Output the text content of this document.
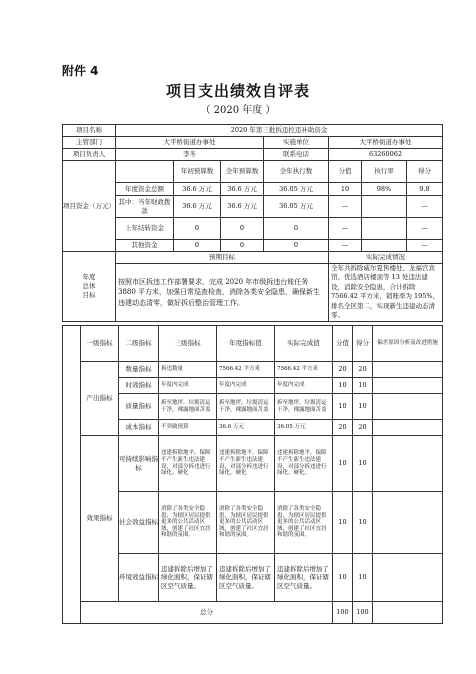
附件 4
项目支出绩效自评表
（ 2020 年度 ）
项目名称	2020 年第三批拆违控违补助资金						
主管部门	大平桥街道办事处			实施单位	大平桥街道办事处		
项目负责人	李冬			联系电话	63260062		
项目资金（万元）		年初预算数	全年预算数	全年执行数	分值	执行率	得分
	年度资金总额	36.6 万元	36.6 万元	36.05 万元	10	98%	9.8
	其中：当年财政拨款	36.6 万元	36.6 万元	36.05 万元	—		—
	上年结转资金	0	0	0	—		—
	其他资金	0	0	0	—		—
年度总体目标	预期目标				实际完成情况		
	按照市区拆违工作部署要求，完成 2020 年市级拆违台账任务 3880 平方米，加强日常巡查检查，消除各类安全隐患，确保新生违建动态清零，做好拆后整治管理工作。				全年共拆除威尔夏售楼处、龙福宫宾馆、优选酒店楼顶等 13 处违法建设，消除安全隐患，合计拆除 7566.42 平方米，销账率为 195%，排名全区第二，实现新生违建动态清零。		
	一级指标	二级指标	三级指标	年度指标值	实际完成值	分值	得分	偏差原因分析及改进措施
	产出指标	数量指标	拆违数量	7566.42 平方米	7566.42 平方米	20	20	
		时效指标	年度内完成	年度内完成	年度内完成	10	10	
		质量指标	拆至地坪，垃圾清运干净，裸露地面苫盖	拆至地坪，垃圾清运干净，裸露地面苫盖	拆至地坪，垃圾清运干净，裸露地面苫盖	10	10	
		成本指标	不突破预算	36.6 万元	36.05 万元	20	20	
	效果指标	可持续影响指标	违建拆除地平，保障不产生新生违法建设，对部分拆违进行绿化、硬化	违建拆除地平，保障不产生新生违法建设，对部分拆违进行绿化、硬化	违建拆除地平，保障不产生新生违法建设，对部分拆违进行绿化、硬化。	10	10	
		社会效益指标	消除了各类安全隐患，为辖区居民提供更多的公共活动区域，创建了社区宜居和谐的氛围。	消除了各类安全隐患，为辖区居民提供更多的公共活动区域，创建了社区宜居和谐的氛围。	消除了各类安全隐患，为辖区居民提供更多的公共活动区域，创建了社区宜居和谐的氛围。	10	10	
		环境效益指标	违建拆除后增加了绿化面积，保证辖区空气质量。	违建拆除后增加了绿化面积，保证辖区空气质量。	违建拆除后增加了绿化面积，保证辖区空气质量。	10	10	
	总分					100	100	
